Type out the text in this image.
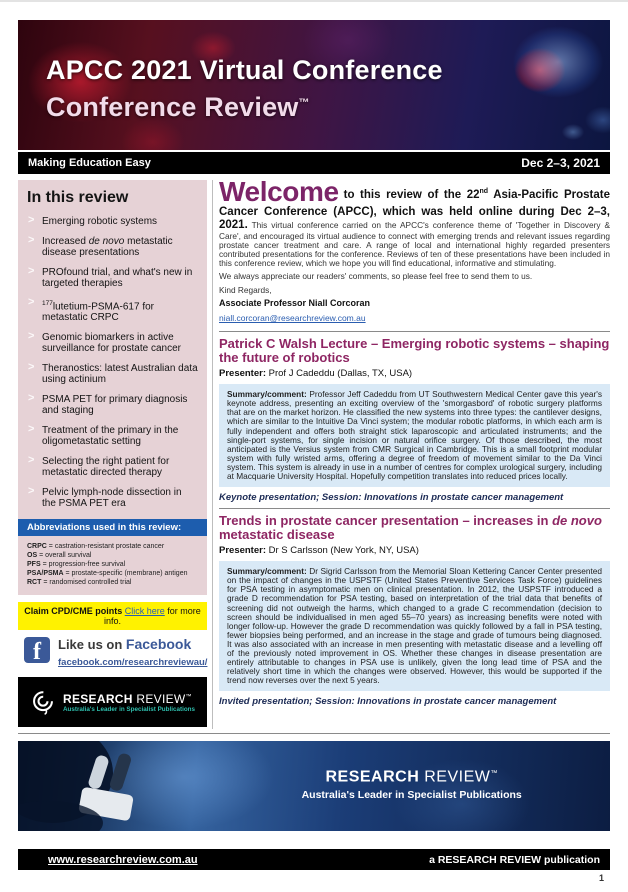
APCC 2021 Virtual Conference
Conference Review™
Making Education Easy	Dec 2–3, 2021
In this review
> Emerging robotic systems
> Increased de novo metastatic disease presentations
> PROfound trial, and what's new in targeted therapies
> $^{177}$lutetium-PSMA-617 for metastatic CRPC
> Genomic biomarkers in active surveillance for prostate cancer
> Theranostics: latest Australian data using actinium
> PSMA PET for primary diagnosis and staging
> Treatment of the primary in the oligometastatic setting
> Selecting the right patient for metastatic directed therapy
> Pelvic lymph-node dissection in the PSMA PET era
Abbreviations used in this review:
CRPC = castration-resistant prostate cancer
OS = overall survival
PFS = progression-free survival
PSA/PSMA = prostate-specific (membrane) antigen
RCT = randomised controlled trial
Claim CPD/CME points Click here for more info.
f	Like us on Facebook
facebook.com/researchreviewau/
RESEARCH REVIEW™
Australia's Leader in Specialist Publications

Welcome to this review of the 22nd Asia-Pacific Prostate Cancer Conference (APCC), which was held online during Dec 2–3, 2021. This virtual conference carried on the APCC's conference theme of 'Together in Discovery & Care', and encouraged its virtual audience to connect with emerging trends and relevant issues regarding prostate cancer treatment and care. A range of local and international highly regarded presenters contributed presentations for the conference. Reviews of ten of these presentations have been included in this conference review, which we hope you will find educational, informative and stimulating.

We always appreciate our readers' comments, so please feel free to send them to us.

Kind Regards,

Associate Professor Niall Corcoran

niall.corcoran@researchreview.com.au
Patrick C Walsh Lecture – Emerging robotic systems – shaping the future of robotics

Presenter: Prof J Cadeddu (Dallas, TX, USA)

Summary/comment: Professor Jeff Cadeddu from UT Southwestern Medical Center gave this year's keynote address, presenting an exciting overview of the 'smorgasbord' of robotic surgery platforms that are on the market horizon. He classified the new systems into three types: the cantilever designs, which are similar to the Intuitive Da Vinci system; the modular robotic platforms, in which each arm is fully independent and offers both straight stick laparoscopic and articulated instruments; and the single-port systems, for single incision or natural orifice surgery. Of those described, the most anticipated is the Versius system from CMR Surgical in Cambridge. This is a small footprint modular system with fully wristed arms, offering a degree of freedom of movement similar to the Da Vinci system. This system is already in use in a number of centres for complex urological surgery, including at Macquarie University Hospital. Hopefully competition translates into reduced prices locally.

Keynote presentation; Session: Innovations in prostate cancer management

Trends in prostate cancer presentation – increases in de novo metastatic disease

Presenter: Dr S Carlsson (New York, NY, USA)

Summary/comment: Dr Sigrid Carlsson from the Memorial Sloan Kettering Cancer Center presented on the impact of changes in the USPSTF (United States Preventive Services Task Force) guidelines for PSA testing in asymptomatic men on clinical presentation. In 2012, the USPSTF introduced a grade D recommendation for PSA testing, based on interpretation of the trial data that benefits of screening did not outweigh the harms, which changed to a grade C recommendation (decision to screen should be individualised in men aged 55–70 years) as increasing benefits were noted with longer follow-up. However the grade D recommendation was quickly followed by a fall in PSA testing, fewer biopsies being performed, and an increase in the stage and grade of tumours being diagnosed. It was also associated with an increase in men presenting with metastatic disease and a levelling off of the previously noted improvement in OS. Whether these changes in disease presentation are entirely attributable to changes in PSA use is unlikely, given the long lead time of PSA and the relatively short time in which the changes were observed. However, this would be supported if the trend now reverses over the next 5 years.

Invited presentation; Session: Innovations in prostate cancer management

RESEARCH REVIEW™
Australia's Leader in Specialist Publications
www.researchreview.com.au	a RESEARCH REVIEW publication
1
